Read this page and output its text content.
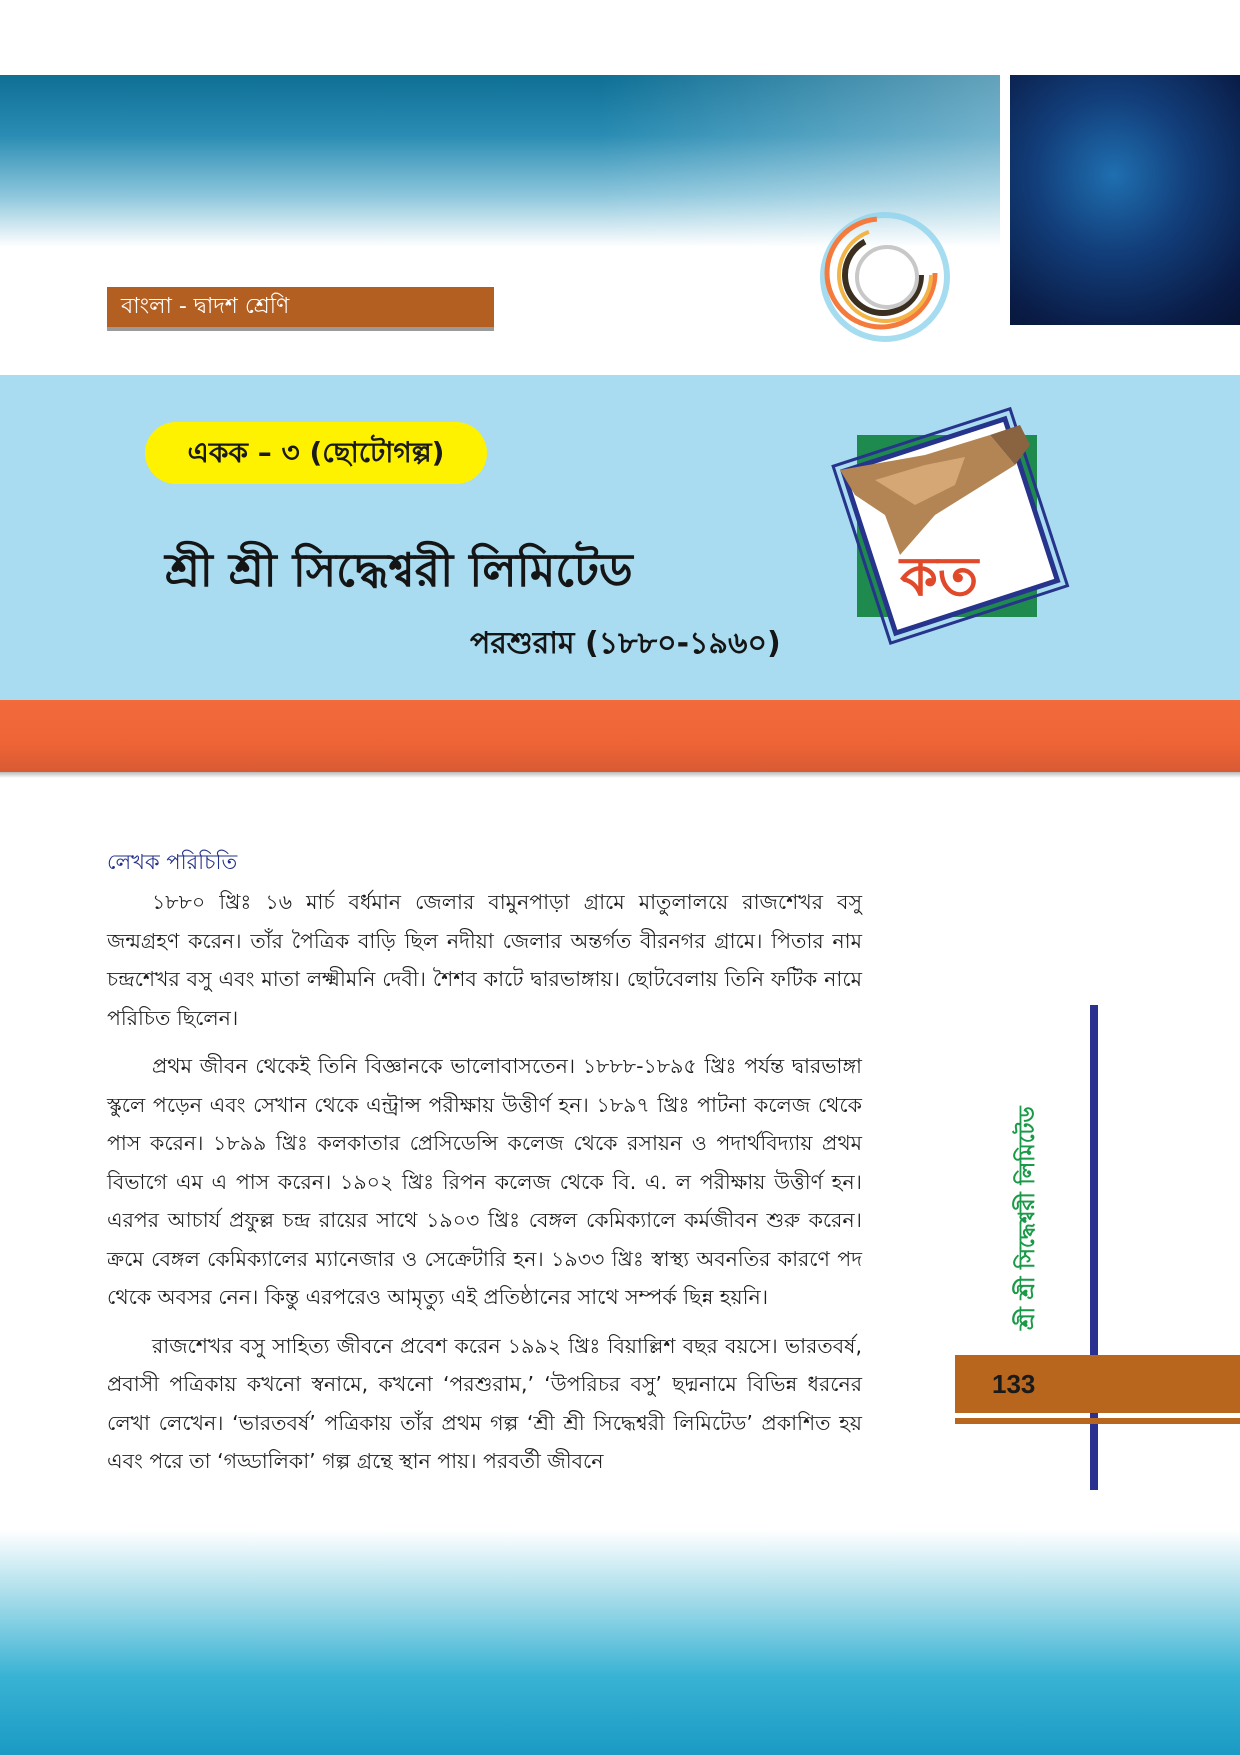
বাংলা - দ্বাদশ শ্রেণি
একক – ৩ (ছোটোগল্প)
শ্রী শ্রী সিদ্ধেশ্বরী লিমিটেড
পরশুরাম (১৮৮০-১৯৬০)
কত

লেখক পরিচিতি

১৮৮০ খ্রিঃ ১৬ মার্চ বর্ধমান জেলার বামুনপাড়া গ্রামে মাতুলালয়ে রাজশেখর বসু জন্মগ্রহণ করেন। তাঁর পৈত্রিক বাড়ি ছিল নদীয়া জেলার অন্তর্গত বীরনগর গ্রামে। পিতার নাম চন্দ্রশেখর বসু এবং মাতা লক্ষ্মীমনি দেবী। শৈশব কাটে দ্বারভাঙ্গায়। ছোটবেলায় তিনি ফটিক নামে পরিচিত ছিলেন।

প্রথম জীবন থেকেই তিনি বিজ্ঞানকে ভালোবাসতেন। ১৮৮৮-১৮৯৫ খ্রিঃ পর্যন্ত দ্বারভাঙ্গা স্কুলে পড়েন এবং সেখান থেকে এন্ট্রান্স পরীক্ষায় উত্তীর্ণ হন। ১৮৯৭ খ্রিঃ পাটনা কলেজ থেকে পাস করেন। ১৮৯৯ খ্রিঃ কলকাতার প্রেসিডেন্সি কলেজ থেকে রসায়ন ও পদার্থবিদ্যায় প্রথম বিভাগে এম এ পাস করেন। ১৯০২ খ্রিঃ রিপন কলেজ থেকে বি. এ. ল পরীক্ষায় উত্তীর্ণ হন। এরপর আচার্য প্রফুল্ল চন্দ্র রায়ের সাথে ১৯০৩ খ্রিঃ বেঙ্গল কেমিক্যালে কর্মজীবন শুরু করেন। ক্রমে বেঙ্গল কেমিক্যালের ম্যানেজার ও সেক্রেটারি হন। ১৯৩৩ খ্রিঃ স্বাস্থ্য অবনতির কারণে পদ থেকে অবসর নেন। কিন্তু এরপরেও আমৃত্যু এই প্রতিষ্ঠানের সাথে সম্পর্ক ছিন্ন হয়নি।

রাজশেখর বসু সাহিত্য জীবনে প্রবেশ করেন ১৯৯২ খ্রিঃ বিয়াল্লিশ বছর বয়সে। ভারতবর্ষ, প্রবাসী পত্রিকায় কখনো স্বনামে, কখনো ‘পরশুরাম,’ ‘উপরিচর বসু’ ছদ্মনামে বিভিন্ন ধরনের লেখা লেখেন। ‘ভারতবর্ষ’ পত্রিকায় তাঁর প্রথম গল্প ‘শ্রী শ্রী সিদ্ধেশ্বরী লিমিটেড’ প্রকাশিত হয় এবং পরে তা ‘গড্ডালিকা’ গল্প গ্রন্থে স্থান পায়। পরবর্তী জীবনে

শ্রী শ্রী সিদ্ধেশ্বরী লিমিটেড
133
